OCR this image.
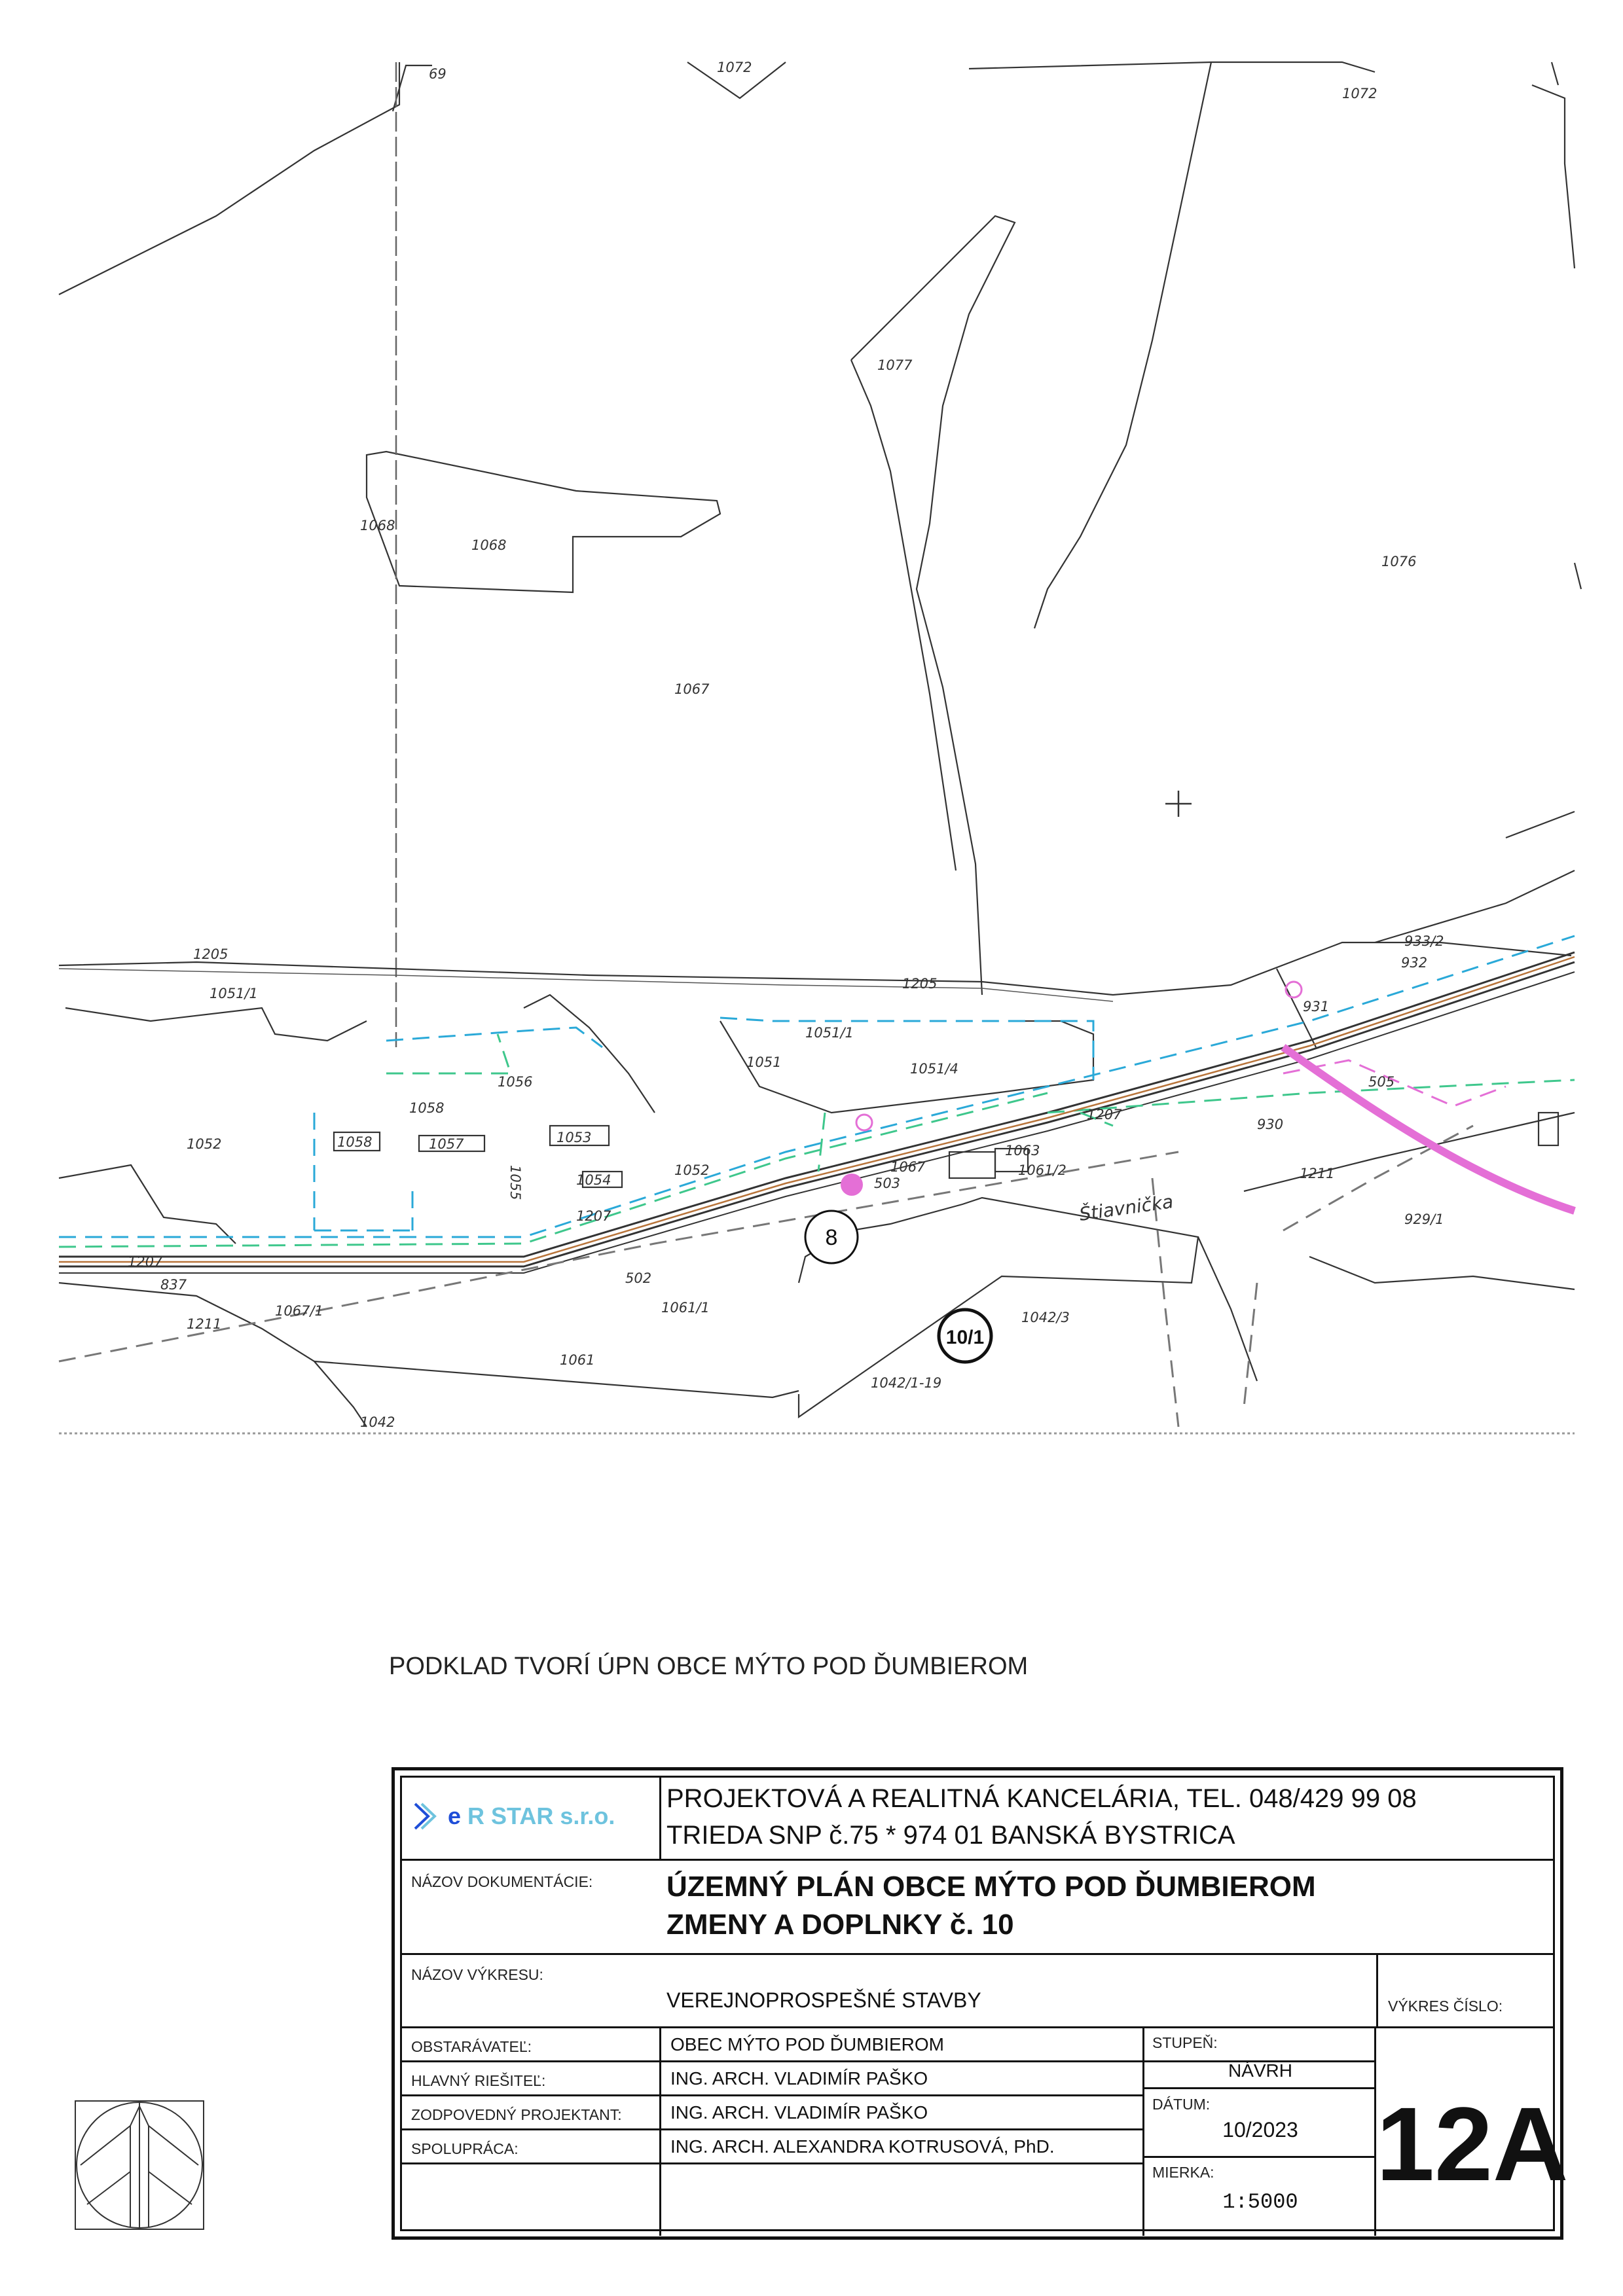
69	1072
1072
1077
1068
1068
1067
1076
1205
1051/1
1205
933/2
932
931
1052
1056
1051
1051/1
1051/4
505
1058
1058	1057	1053
1055	1054
1052
1063
1067	1061/2
1207
930
1211
929/1
503
837
1067/1
502
1061/1
1211
1061
1042/3
1042/1-19
1042
1207
1207
Štiavnička
8
10/1
PODKLAD TVORÍ ÚPN OBCE MÝTO POD ĎUMBIEROM
e R STAR s.r.o.
PROJEKTOVÁ A REALITNÁ KANCELÁRIA, TEL. 048/429 99 08
TRIEDA SNP č.75 * 974 01 BANSKÁ BYSTRICA
NÁZOV DOKUMENTÁCIE:	ÚZEMNÝ PLÁN OBCE MÝTO POD ĎUMBIEROM
ZMENY A DOPLNKY č. 10
NÁZOV VÝKRESU:
VEREJNOPROSPEŠNÉ STAVBY
OBSTARÁVATEĽ:	OBEC MÝTO POD ĎUMBIEROM
HLAVNÝ RIEŠITEĽ:	ING. ARCH. VLADIMÍR PAŠKO
ZODPOVEDNÝ PROJEKTANT:	ING. ARCH. VLADIMÍR PAŠKO
SPOLUPRÁCA:	ING. ARCH. ALEXANDRA KOTRUSOVÁ, PhD.
STUPEŇ:
NÁVRH
DÁTUM:
10/2023
MIERKA:
1:5000
VÝKRES ČÍSLO:
12A
